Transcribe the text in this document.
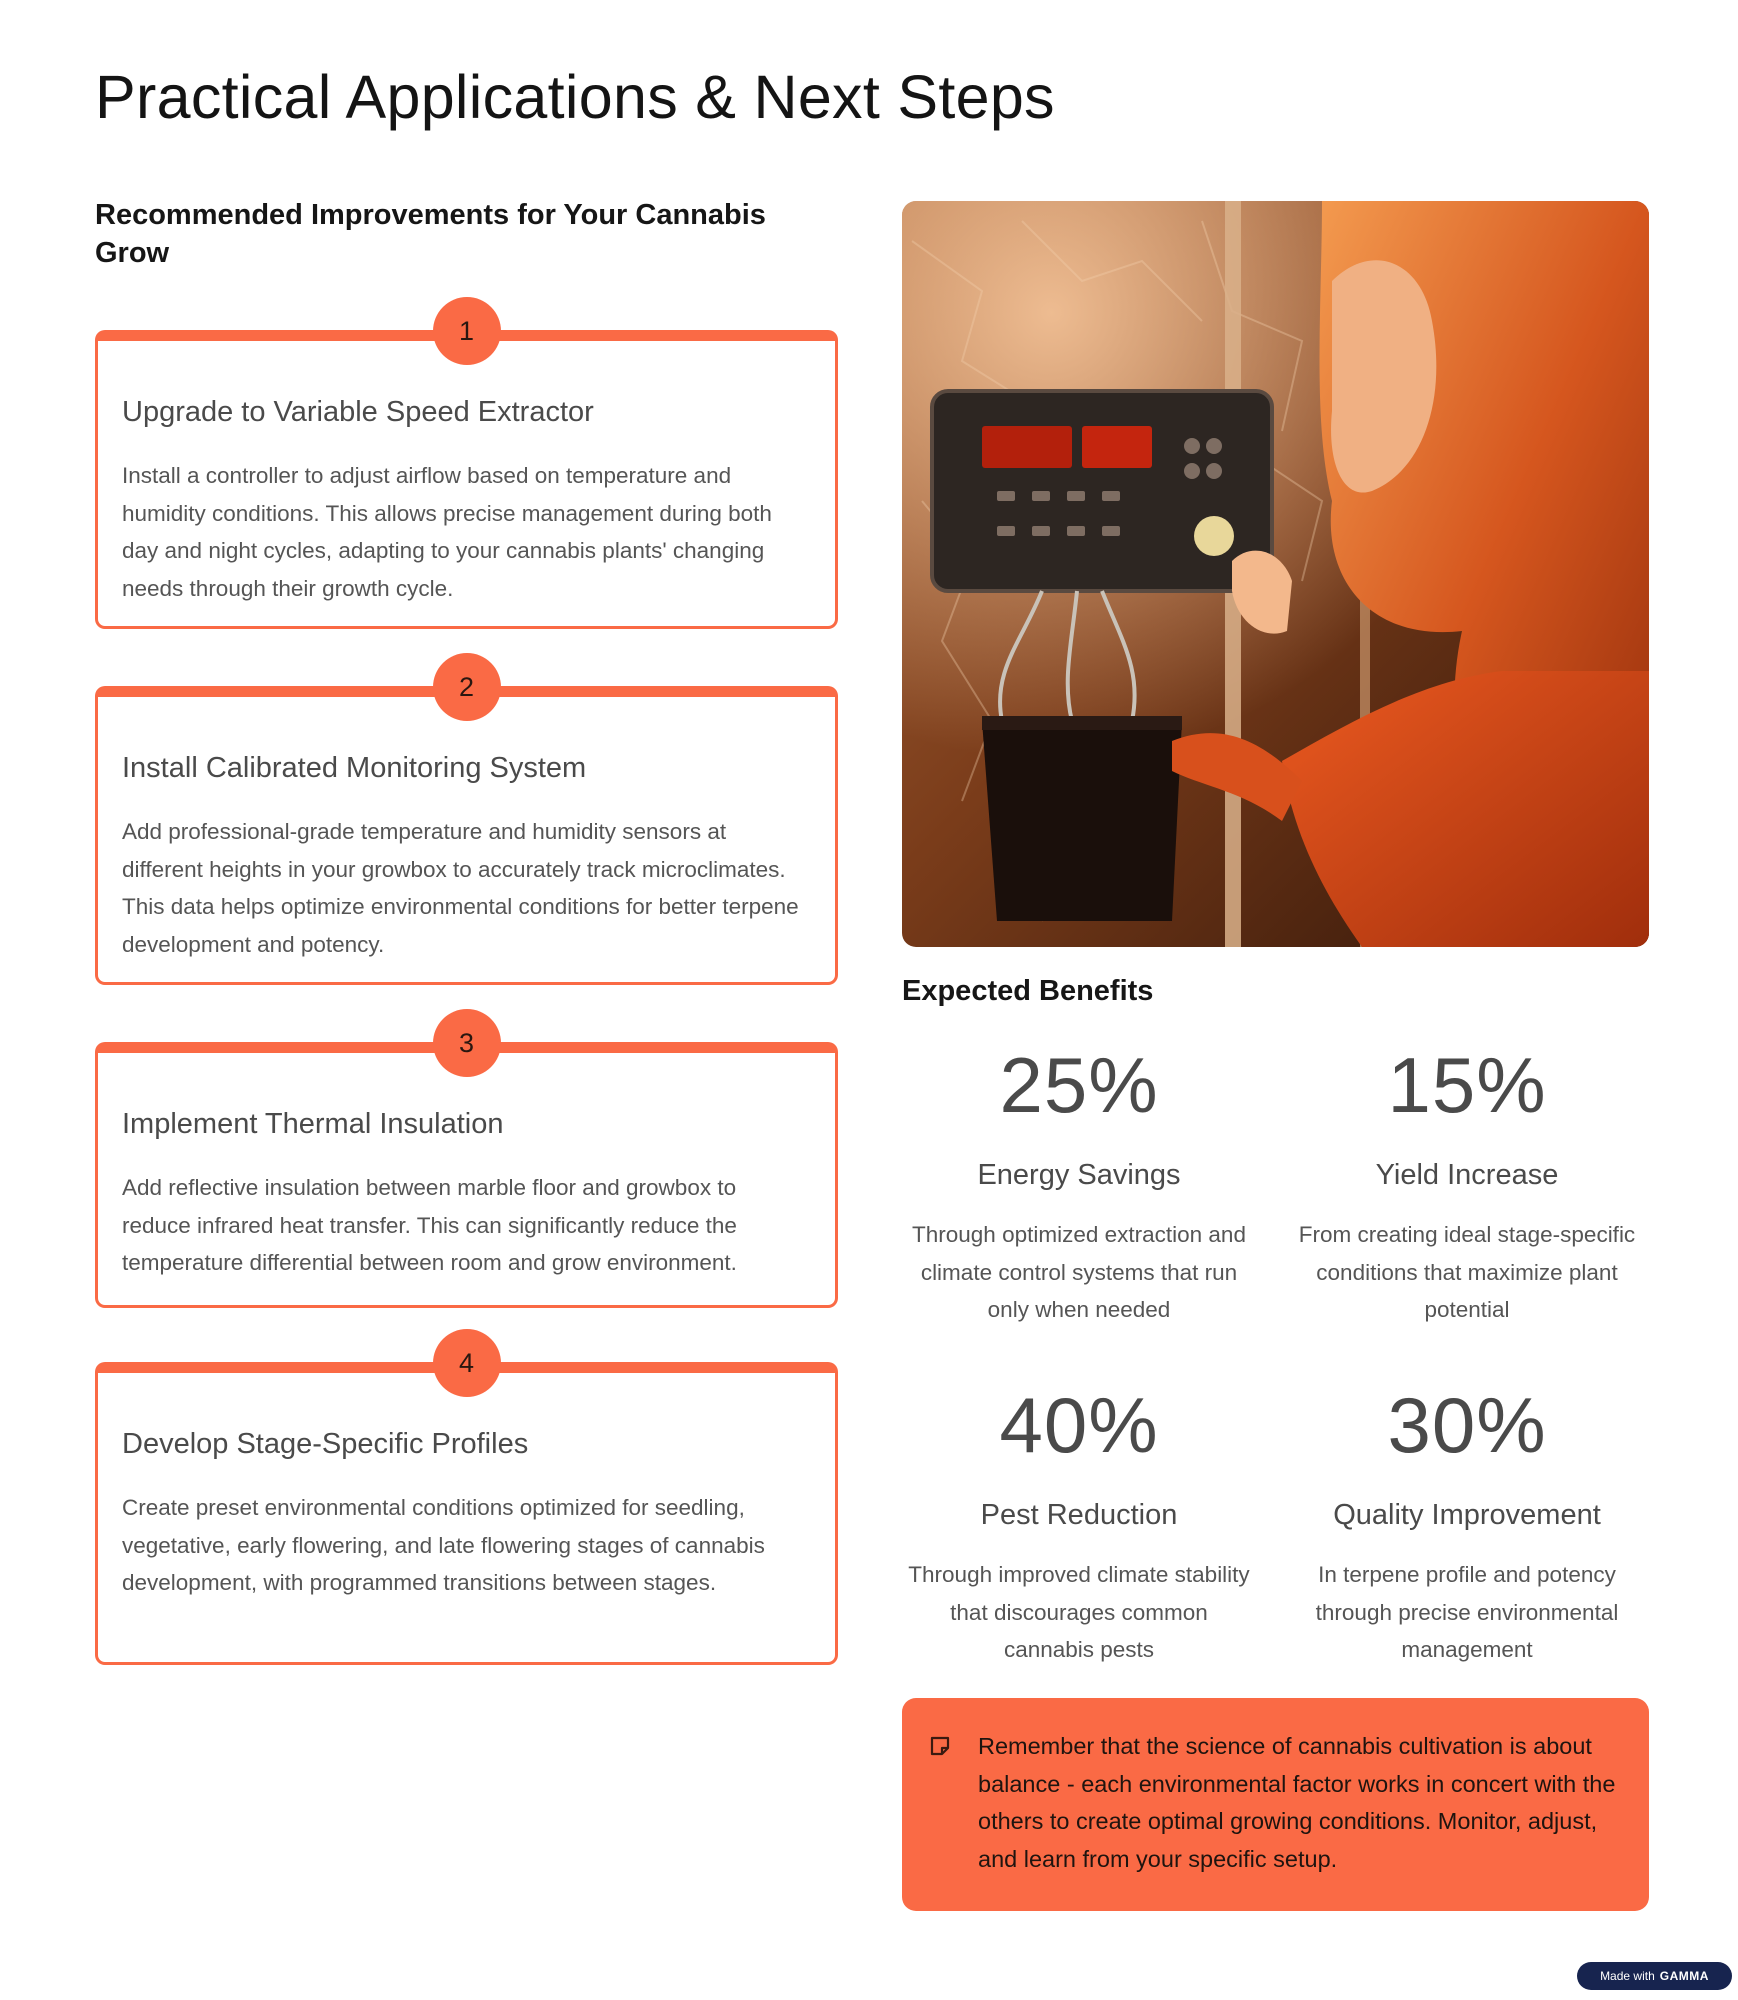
Practical Applications & Next Steps
Recommended Improvements for Your Cannabis Grow
1
Upgrade to Variable Speed Extractor
Install a controller to adjust airflow based on temperature and humidity conditions. This allows precise management during both day and night cycles, adapting to your cannabis plants' changing needs through their growth cycle.
2
Install Calibrated Monitoring System
Add professional-grade temperature and humidity sensors at different heights in your growbox to accurately track microclimates. This data helps optimize environmental conditions for better terpene development and potency.
3
Implement Thermal Insulation
Add reflective insulation between marble floor and growbox to reduce infrared heat transfer. This can significantly reduce the temperature differential between room and grow environment.
4
Develop Stage-Specific Profiles
Create preset environmental conditions optimized for seedling, vegetative, early flowering, and late flowering stages of cannabis development, with programmed transitions between stages.
Expected Benefits
25%
Energy Savings
Through optimized extraction and climate control systems that run only when needed
15%
Yield Increase
From creating ideal stage-specific conditions that maximize plant potential
40%
Pest Reduction
Through improved climate stability that discourages common cannabis pests
30%
Quality Improvement
In terpene profile and potency through precise environmental management
Remember that the science of cannabis cultivation is about balance - each environmental factor works in concert with the others to create optimal growing conditions. Monitor, adjust, and learn from your specific setup.
Made with GAMMA
